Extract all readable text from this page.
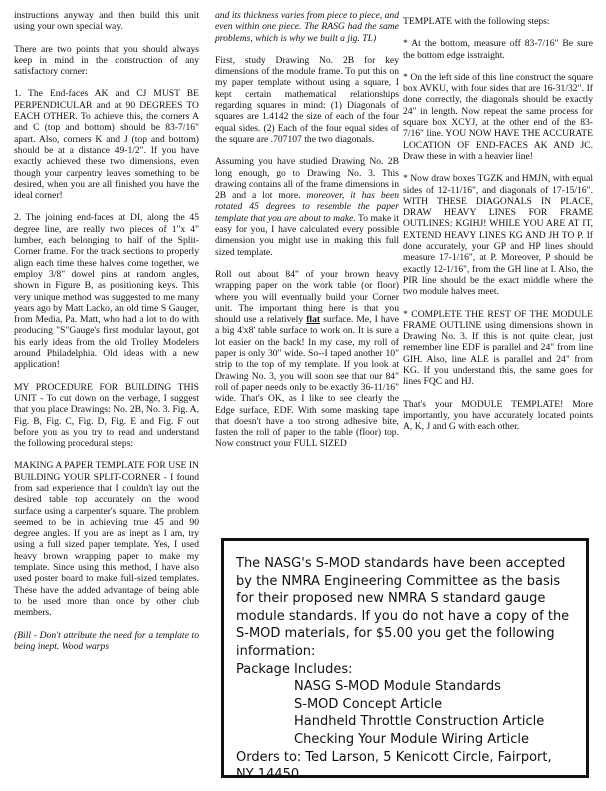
instructions anyway and then build this unit using your own special way.

There are two points that you should always keep in mind in the construction of any satisfactory corner:

1. The End-faces AK and CJ MUST BE PERPENDICULAR and at 90 DEGREES TO EACH OTHER. To achieve this, the corners A and C (top and bottom) should be 83-7/16" apart. Also, corners K and J (top and bottom) should be at a distance 49-1/2". If you have exactly achieved these two dimensions, even though your carpentry leaves something to be desired, when you are all finished you have the ideal corner!

2. The joining end-faces at DI, along the 45 degree line, are really two pieces of 1"x 4" lumber, each belonging to half of the Split-Corner frame. For the track sections to properly align each time these halves come together, we employ 3/8" dowel pins at random angles, shown in Figure B, as positioning keys. This very unique method was suggested to me many years ago by Matt Lacko, an old time S Gauger, from Media, Pa. Matt, who had a lot to do with producing "S"Gauge's first modular layout, got his early ideas from the old Trolley Modelers around Philadelphia. Old ideas with a new application!

MY PROCEDURE FOR BUILDING THIS UNIT - To cut down on the verbage, I suggest that you place Drawings: No. 2B, No. 3. Fig. A, Fig. B, Fig. C, Fig. D, Fig. E and Fig. F out before you as you try to read and understand the following procedural steps:

MAKING A PAPER TEMPLATE FOR USE IN BUILDING YOUR SPLIT-CORNER - I found from sad experience that I couldn't lay out the desired table top accurately on the wood surface using a carpenter's square. The problem seemed to be in achieving true 45 and 90 degree angles. If you are as inept as I am, try using a full sized paper template. Yes, I used heavy brown wrapping paper to make my template. Since using this method, I have also used poster board to make full-sized templates. These have the added advantage of being able to be used more than once by other club members.

(Bill - Don't attribute the need for a template to being inept. Wood warps

and its thickness varies from piece to piece, and even within one piece. The RASG had the same problems, which is why we built a jig. TL)

First, study Drawing No. 2B for key dimensions of the module frame. To put this on my paper template without using a square, I kept certain mathematical relationships regarding squares in mind: (1) Diagonals of squares are 1.4142 the size of each of the four equal sides. (2) Each of the four equal sides of the square are .707107 the two diagonals.

Assuming you have studied Drawing No. 2B long enough, go to Drawing No. 3. This drawing contains all of the frame dimensions in 2B and a lot more. moreover, it has been rotated 45 degrees to resemble the paper template that you are about to make. To make it easy for you, I have calculated every possible dimension you might use in making this full sized template.

Roll out about 84" of your brown heavy wrapping paper on the work table (or floor) where you will eventually build your Corner unit. The important thing here is that you should use a relatively flat surface. Me, I have a big 4'x8' table surface to work on. It is sure a lot easier on the back! In my case, my roll of paper is only 30" wide. So--I taped another 10" strip to the top of my template. If you look at Drawing No. 3, you will soon see that our 84" roll of paper needs only to be exactly 36-11/16" wide. That's OK, as I like to see clearly the Edge surface, EDF. With some masking tape that doesn't have a too strong adhesive bite, fasten the roll of paper to the table (floor) top. Now construct your FULL SIZED

TEMPLATE with the following steps:

* At the bottom, measure off 83-7/16" Be sure the bottom edge isstraight.

* On the left side of this line construct the square box AVKU, with four sides that are 16-31/32". If done correctly, the diagonals should be exactly 24" in length. Now repeat the same process for square box XCYJ, at the other end of the 83- 7/16" line. YOU NOW HAVE THE ACCURATE LOCATION OF END-FACES AK AND JC. Draw these in with a heavier line!

* Now draw boxes TGZK and HMJN, with equal sides of 12-11/16", and diagonals of 17-15/16". WITH THESE DIAGONALS IN PLACE, DRAW HEAVY LINES FOR FRAME OUTLINES: KGIHJ! WHILE YOU ARE AT IT, EXTEND HEAVY LINES KG AND JH TO P. If done accurately, your GP and HP lines should measure 17-1/16", at P. Moreover, P should be exactly 12-1/16", from the GH line at I. Also, the PIR line should be the exact middle where the two module halves meet.

* COMPLETE THE REST OF THE MODULE FRAME OUTLINE using dimensions shown in Drawing No. 3. If this is not quite clear, just remember line EDF is parallel and 24" from line GIH. Also, line ALE is parallel and 24" from KG. If you understand this, the same goes for lines FQC and HJ.

That's your MODULE TEMPLATE! More importantly, you have accurately located points A, K, J and G with each other.

The NASG's S-MOD standards have been accepted by the NMRA Engineering Committee as the basis for their proposed new NMRA S standard gauge module standards. If you do not have a copy of the S-MOD materials, for $5.00 you get the following information:
Package Includes:
NASG S-MOD Module Standards
S-MOD Concept Article
Handheld Throttle Construction Article
Checking Your Module Wiring Article
Orders to: Ted Larson, 5 Kenicott Circle, Fairport,
NY 14450
